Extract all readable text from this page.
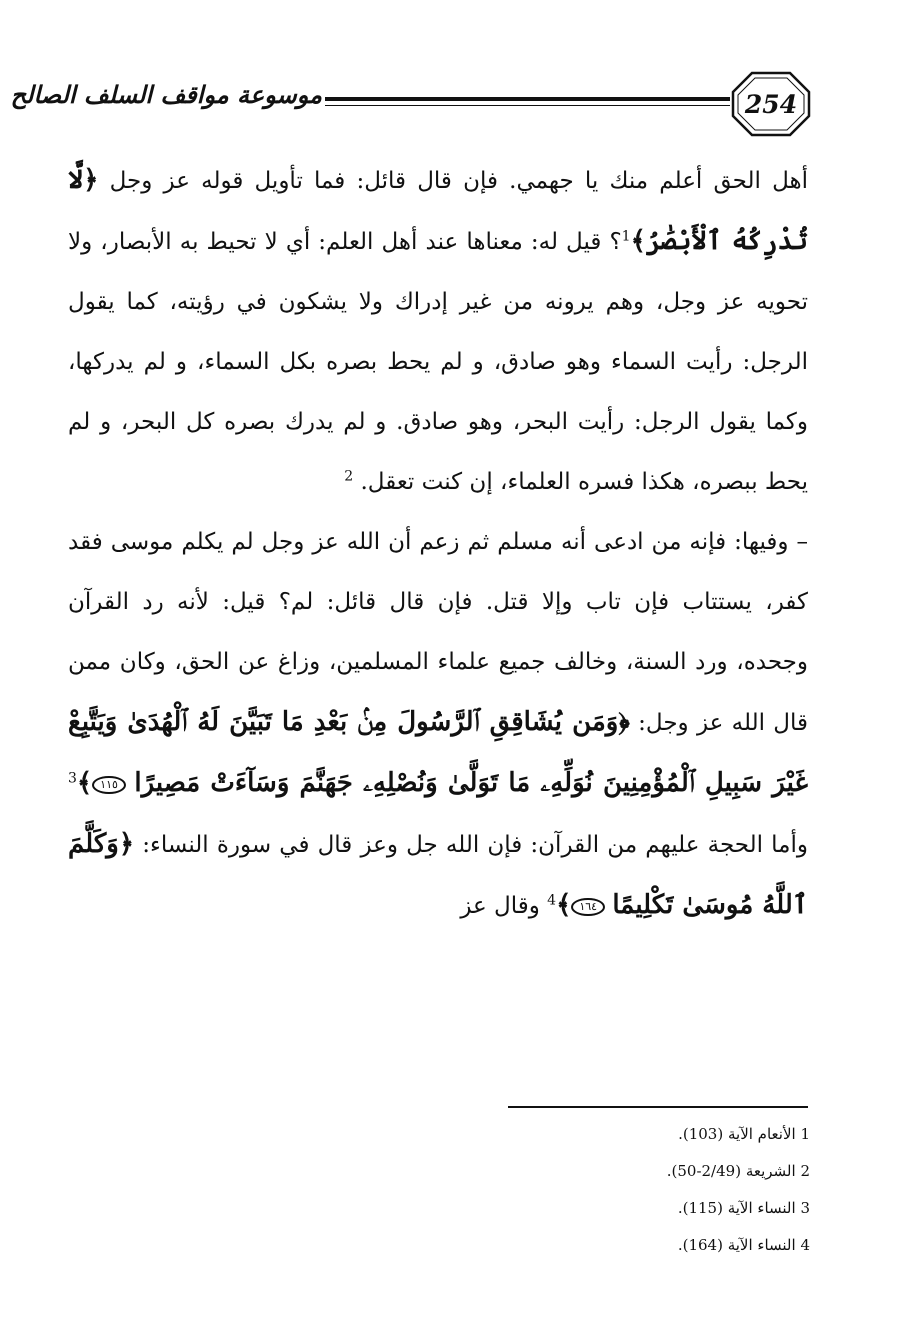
موسوعة مواقف السلف الصالح	254

أهل الحق أعلم منك يا جهمي. فإن قال قائل: فما تأويل قوله عز وجل ﴿لَّا تُدْرِكُهُ ٱلْأَبْصَٰرُ﴾$^1$؟ قيل له: معناها عند أهل العلم: أي لا تحيط به الأبصار، ولا تحويه عز وجل، وهم يرونه من غير إدراك ولا يشكون في رؤيته، كما يقول الرجل: رأيت السماء وهو صادق، و لم يحط بصره بكل السماء، و لم يدركها، وكما يقول الرجل: رأيت البحر، وهو صادق. و لم يدرك بصره كل البحر، و لم يحط ببصره، هكذا فسره العلماء، إن كنت تعقل. $^2$

– وفيها: فإنه من ادعى أنه مسلم ثم زعم أن الله عز وجل لم يكلم موسى فقد كفر، يستتاب فإن تاب وإلا قتل. فإن قال قائل: لم؟ قيل: لأنه رد القرآن وجحده، ورد السنة، وخالف جميع علماء المسلمين، وزاغ عن الحق، وكان ممن قال الله عز وجل: ﴿وَمَن يُشَاقِقِ ٱلرَّسُولَ مِنۢ بَعْدِ مَا تَبَيَّنَ لَهُ ٱلْهُدَىٰ وَيَتَّبِعْ غَيْرَ سَبِيلِ ٱلْمُؤْمِنِينَ نُوَلِّهِۦ مَا تَوَلَّىٰ وَنُصْلِهِۦ جَهَنَّمَ وَسَآءَتْ مَصِيرًا ١١٥﴾$^3$ وأما الحجة عليهم من القرآن: فإن الله جل وعز قال في سورة النساء: ﴿وَكَلَّمَ ٱللَّهُ مُوسَىٰ تَكْلِيمًا ١٦٤﴾$^4$ وقال عز

1 الأنعام الآية (103).
2 الشريعة (2/49-50).
3 النساء الآية (115).
4 النساء الآية (164).
